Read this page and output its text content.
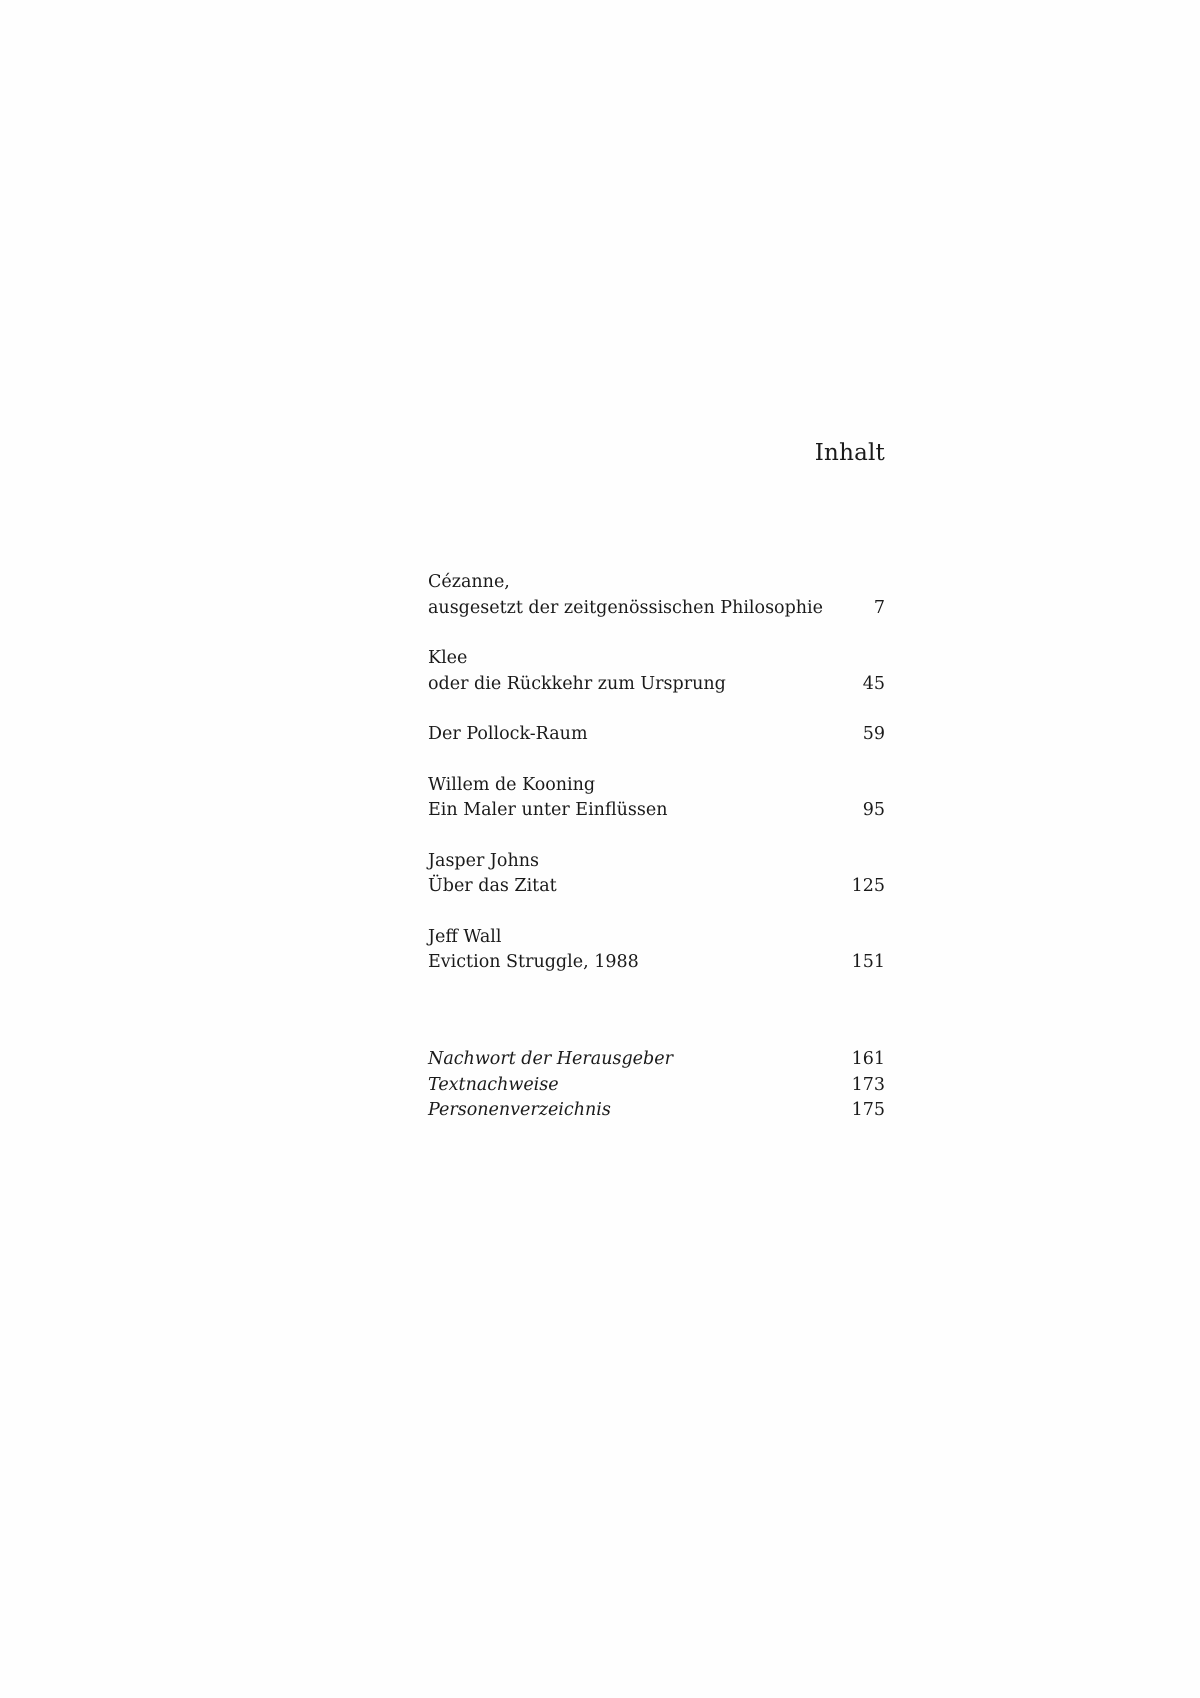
Inhalt
Cézanne,
ausgesetzt der zeitgenössischen Philosophie	7
Klee
oder die Rückkehr zum Ursprung	45
Der Pollock-Raum	59
Willem de Kooning
Ein Maler unter Einflüssen	95
Jasper Johns
Über das Zitat	125
Jeff Wall
Eviction Struggle, 1988	151
Nachwort der Herausgeber	161
Textnachweise	173
Personenverzeichnis	175
